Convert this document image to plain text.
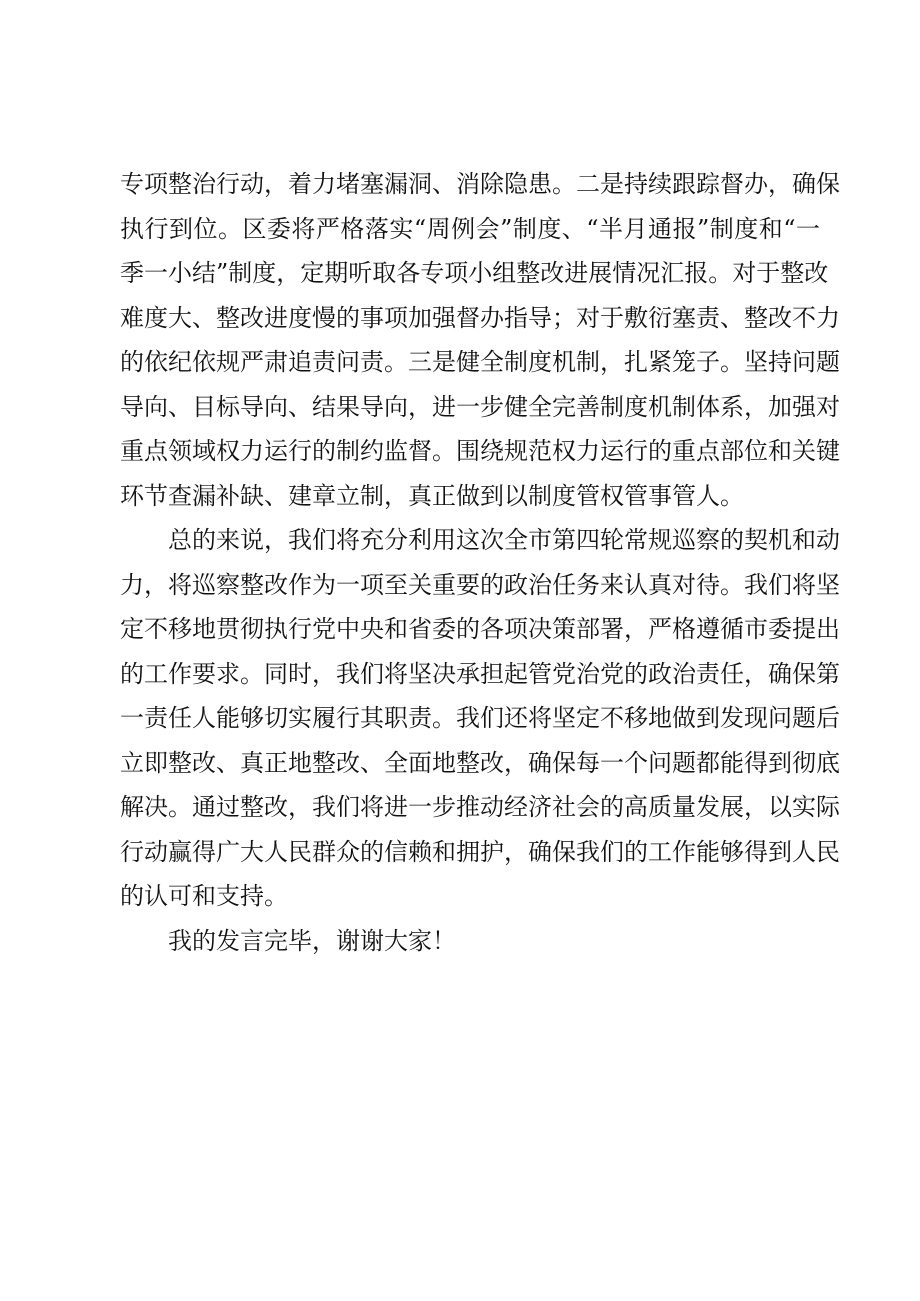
专项整治行动，着力堵塞漏洞、消除隐患。二是持续跟踪督办，确保
执行到位。区委将严格落实“周例会”制度、“半月通报”制度和“一
季一小结”制度，定期听取各专项小组整改进展情况汇报。对于整改
难度大、整改进度慢的事项加强督办指导；对于敷衍塞责、整改不力
的依纪依规严肃追责问责。三是健全制度机制，扎紧笼子。坚持问题
导向、目标导向、结果导向，进一步健全完善制度机制体系，加强对
重点领域权力运行的制约监督。围绕规范权力运行的重点部位和关键
环节查漏补缺、建章立制，真正做到以制度管权管事管人。
总的来说，我们将充分利用这次全市第四轮常规巡察的契机和动
力，将巡察整改作为一项至关重要的政治任务来认真对待。我们将坚
定不移地贯彻执行党中央和省委的各项决策部署，严格遵循市委提出
的工作要求。同时，我们将坚决承担起管党治党的政治责任，确保第
一责任人能够切实履行其职责。我们还将坚定不移地做到发现问题后
立即整改、真正地整改、全面地整改，确保每一个问题都能得到彻底
解决。通过整改，我们将进一步推动经济社会的高质量发展，以实际
行动赢得广大人民群众的信赖和拥护，确保我们的工作能够得到人民
的认可和支持。
我的发言完毕，谢谢大家！
